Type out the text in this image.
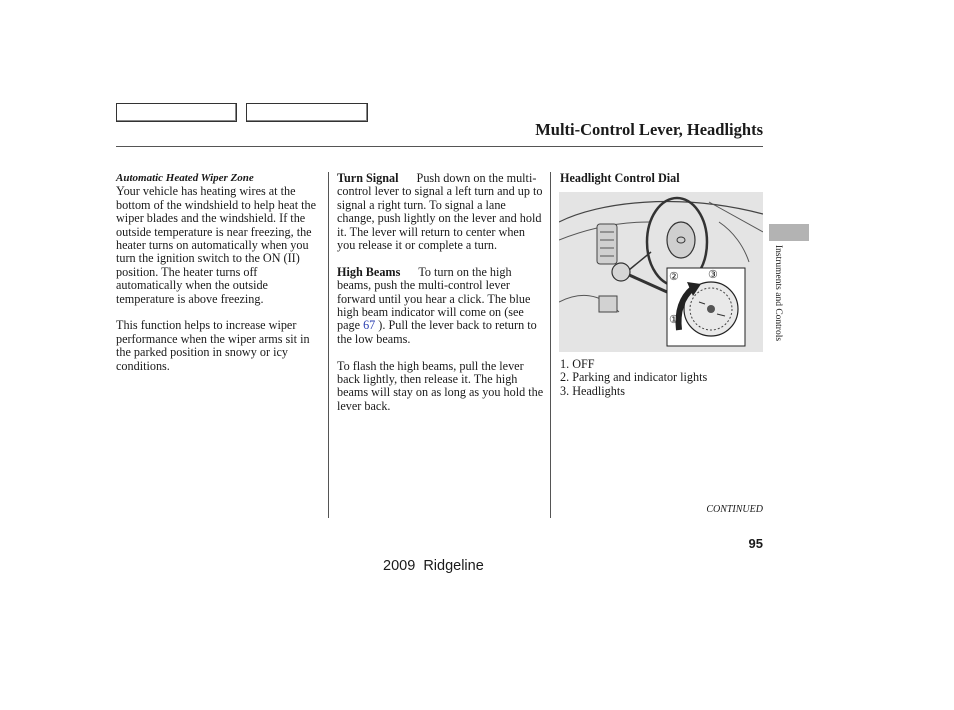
Multi-Control Lever, Headlights
Automatic Heated Wiper Zone

Your vehicle has heating wires at the bottom of the windshield to help heat the wiper blades and the windshield. If the outside temperature is near freezing, the heater turns on automatically when you turn the ignition switch to the ON (II) position. The heater turns off automatically when the outside temperature is above freezing.

This function helps to increase wiper performance when the wiper arms sit in the parked position in snowy or icy conditions.

Turn Signal Push down on the multi-control lever to signal a left turn and up to signal a right turn. To signal a lane change, push lightly on the lever and hold it. The lever will return to center when you release it or complete a turn.

High Beams To turn on the high beams, push the multi-control lever forward until you hear a click. The blue high beam indicator will come on (see page 67 ). Pull the lever back to return to the low beams.

To flash the high beams, pull the lever back lightly, then release it. The high beams will stay on as long as you hold the lever back.

Headlight Control Dial
②	③
①
1. OFF
2. Parking and indicator lights
3. Headlights
Instruments and Controls
CONTINUED
95
2009  Ridgeline
